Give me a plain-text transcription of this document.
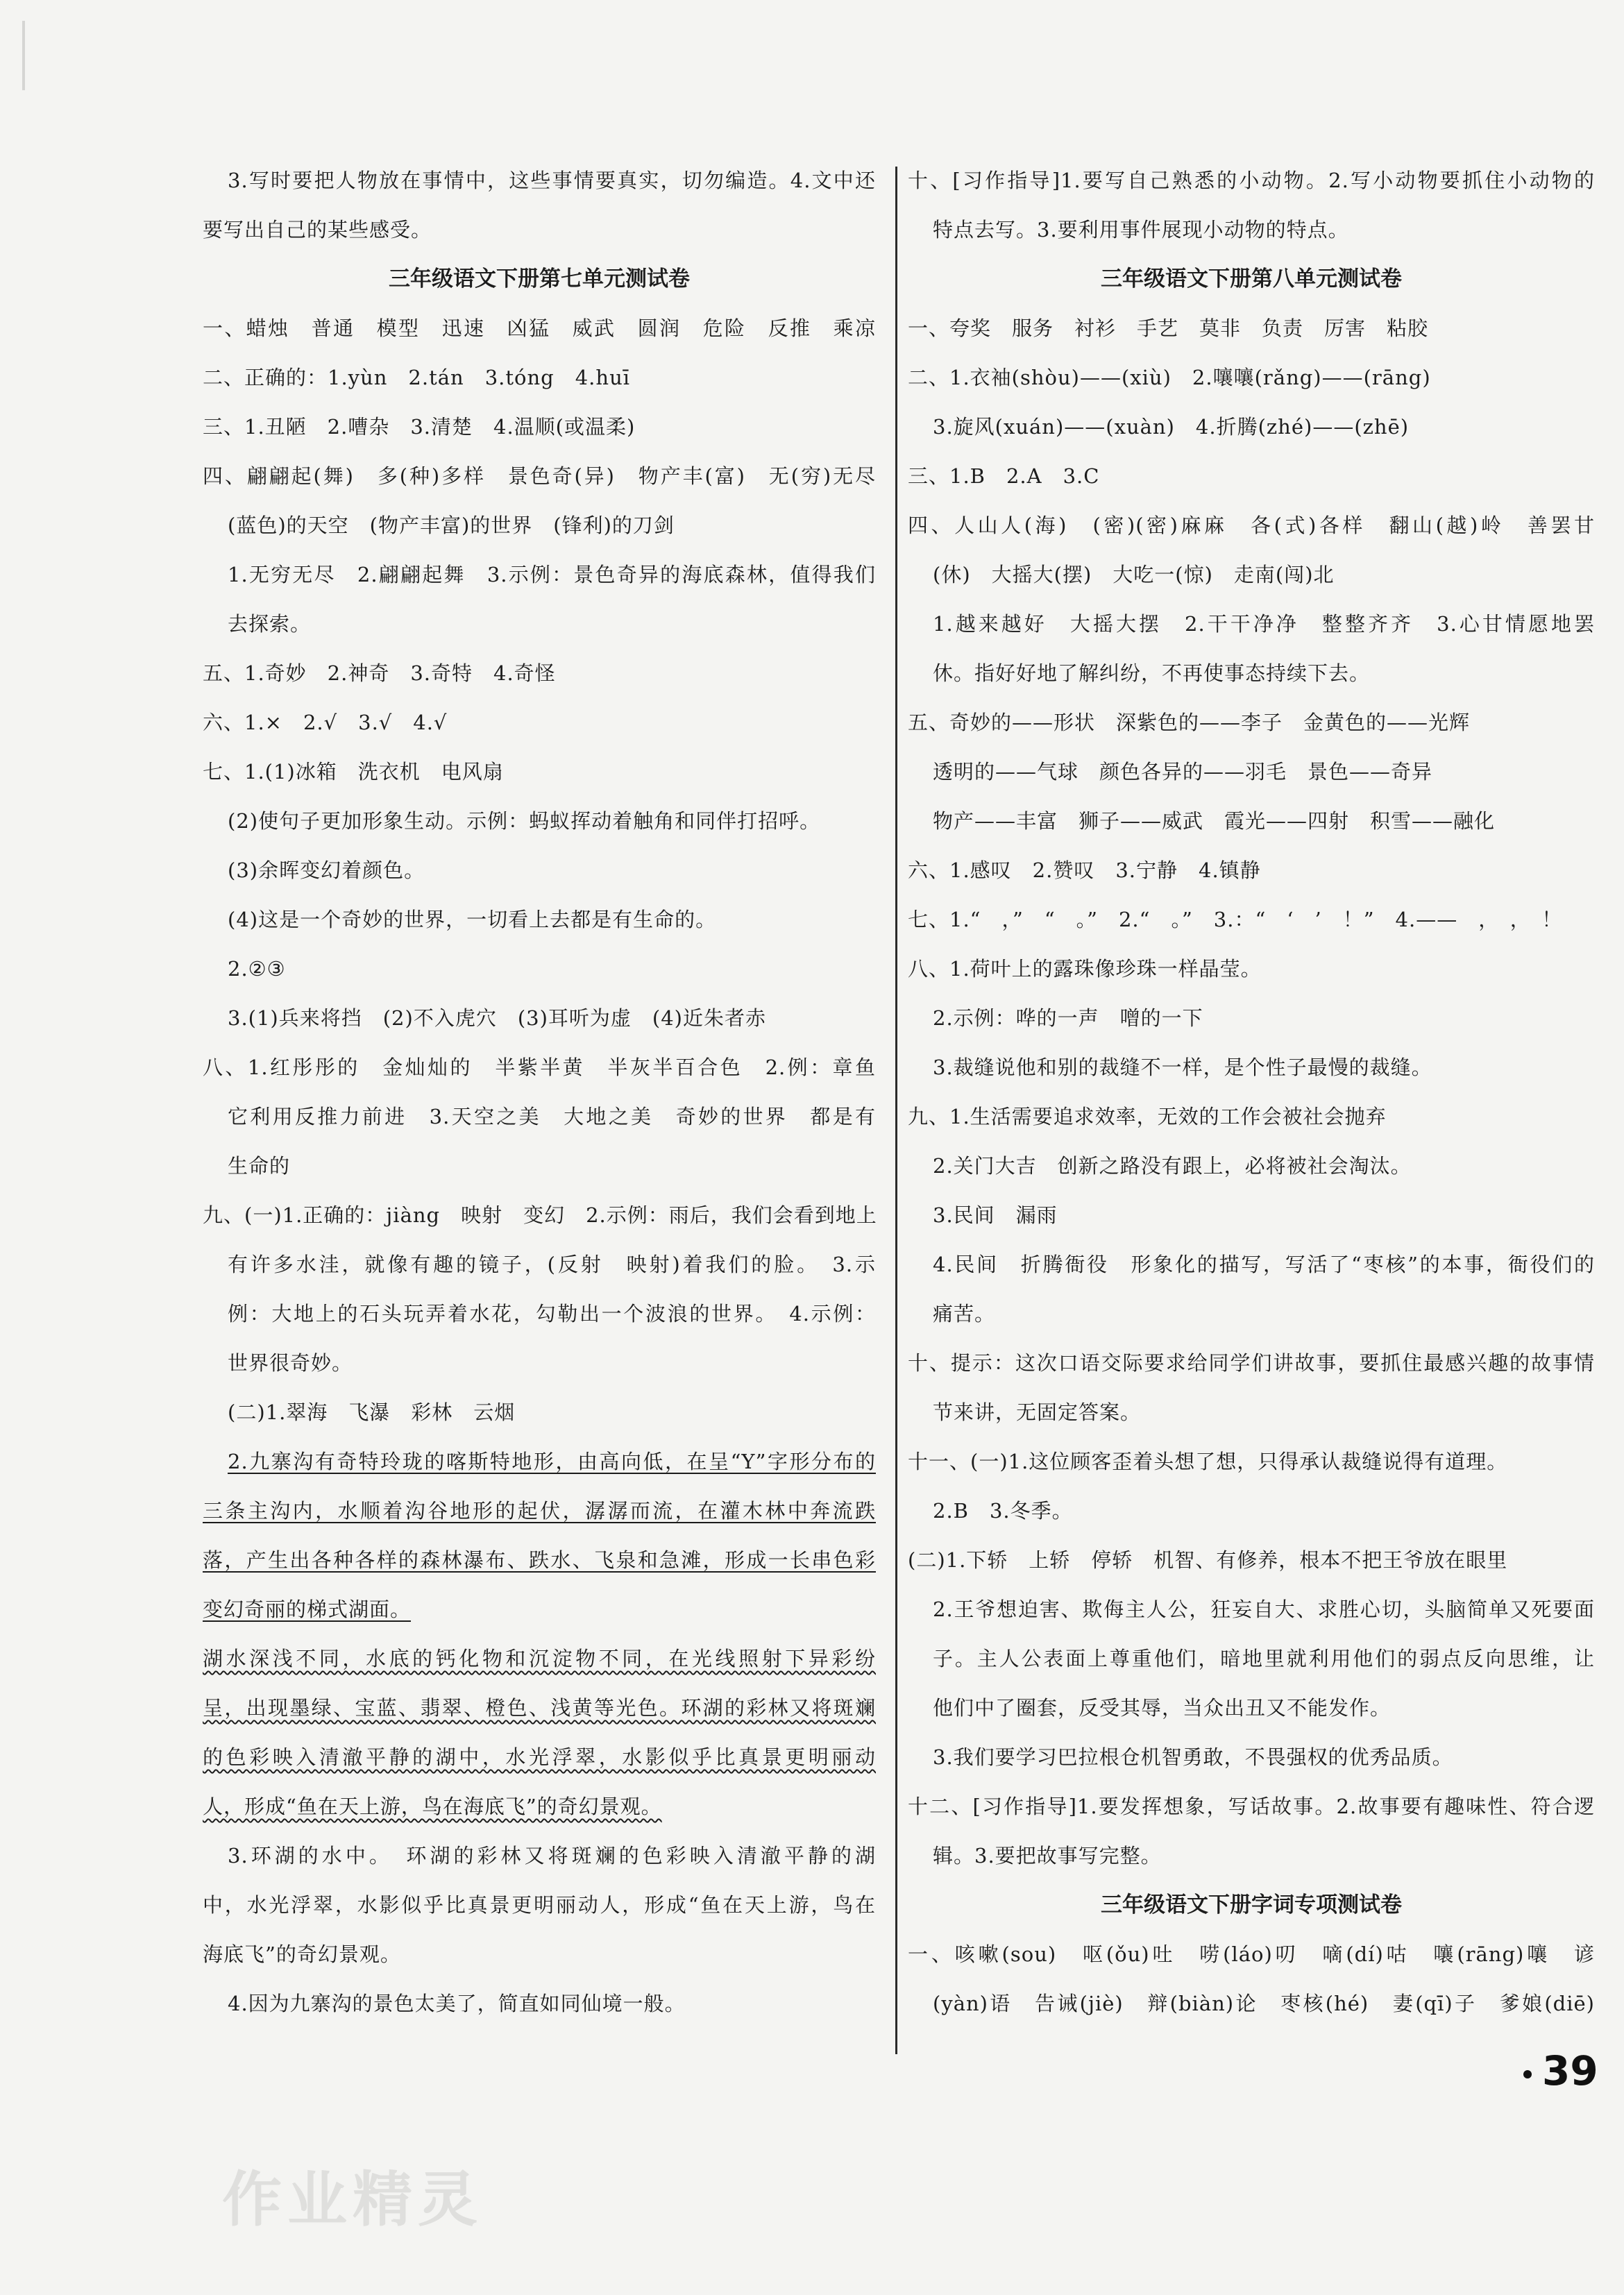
3.写时要把人物放在事情中，这些事情要真实，切勿编造。4.文中还
要写出自己的某些感受。
三年级语文下册第七单元测试卷
一、蜡烛　普通　模型　迅速　凶猛　威武　圆润　危险　反推　乘凉
二、正确的：1.yùn　2.tán　3.tóng　4.huī
三、1.丑陋　2.嘈杂　3.清楚　4.温顺(或温柔)
四、翩翩起(舞)　多(种)多样　景色奇(异)　物产丰(富)　无(穷)无尽
(蓝色)的天空　(物产丰富)的世界　(锋利)的刀剑
1.无穷无尽　2.翩翩起舞　3.示例：景色奇异的海底森林，值得我们
去探索。
五、1.奇妙　2.神奇　3.奇特　4.奇怪
六、1.×　2.√　3.√　4.√
七、1.(1)冰箱　洗衣机　电风扇
(2)使句子更加形象生动。示例：蚂蚁挥动着触角和同伴打招呼。
(3)余晖变幻着颜色。
(4)这是一个奇妙的世界，一切看上去都是有生命的。
2.②③
3.(1)兵来将挡　(2)不入虎穴　(3)耳听为虚　(4)近朱者赤
八、1.红彤彤的　金灿灿的　半紫半黄　半灰半百合色　2.例：章鱼
它利用反推力前进　3.天空之美　大地之美　奇妙的世界　都是有
生命的
九、(一)1.正确的：jiàng　映射　变幻　2.示例：雨后，我们会看到地上
有许多水洼，就像有趣的镜子，(反射　映射)着我们的脸。　3.示
例：大地上的石头玩弄着水花，勾勒出一个波浪的世界。　4.示例：
世界很奇妙。
(二)1.翠海　飞瀑　彩林　云烟
2.九寨沟有奇特玲珑的喀斯特地形，由高向低，在呈“Y”字形分布的
三条主沟内，水顺着沟谷地形的起伏，潺潺而流，在灌木林中奔流跌
落，产生出各种各样的森林瀑布、跌水、飞泉和急滩，形成一长串色彩
变幻奇丽的梯式湖面。
湖水深浅不同，水底的钙化物和沉淀物不同，在光线照射下异彩纷
呈，出现墨绿、宝蓝、翡翠、橙色、浅黄等光色。环湖的彩林又将斑斓
的色彩映入清澈平静的湖中，水光浮翠，水影似乎比真景更明丽动
人，形成“鱼在天上游，鸟在海底飞”的奇幻景观。
3.环湖的水中。　环湖的彩林又将斑斓的色彩映入清澈平静的湖
中，水光浮翠，水影似乎比真景更明丽动人，形成“鱼在天上游，鸟在
海底飞”的奇幻景观。
4.因为九寨沟的景色太美了，简直如同仙境一般。
十、[习作指导]1.要写自己熟悉的小动物。2.写小动物要抓住小动物的
特点去写。3.要利用事件展现小动物的特点。
三年级语文下册第八单元测试卷
一、夸奖　服务　衬衫　手艺　莫非　负责　厉害　粘胶
二、1.衣袖(shòu)——(xiù)　2.嚷嚷(rǎng)——(rāng)
3.旋风(xuán)——(xuàn)　4.折腾(zhé)——(zhē)
三、1.B　2.A　3.C
四、人山人(海)　(密)(密)麻麻　各(式)各样　翻山(越)岭　善罢甘
(休)　大摇大(摆)　大吃一(惊)　走南(闯)北
1.越来越好　大摇大摆　2.干干净净　整整齐齐　3.心甘情愿地罢
休。指好好地了解纠纷，不再使事态持续下去。
五、奇妙的——形状　深紫色的——李子　金黄色的——光辉
透明的——气球　颜色各异的——羽毛　景色——奇异
物产——丰富　狮子——威武　霞光——四射　积雪——融化
六、1.感叹　2.赞叹　3.宁静　4.镇静
七、1.“　，”　“　。”　2.“　。”　3.：“　‘　’　！”　4.——　，　，　！
八、1.荷叶上的露珠像珍珠一样晶莹。
2.示例：哗的一声　噌的一下
3.裁缝说他和别的裁缝不一样，是个性子最慢的裁缝。
九、1.生活需要追求效率，无效的工作会被社会抛弃
2.关门大吉　创新之路没有跟上，必将被社会淘汰。
3.民间　漏雨
4.民间　折腾衙役　形象化的描写，写活了“枣核”的本事，衙役们的
痛苦。
十、提示：这次口语交际要求给同学们讲故事，要抓住最感兴趣的故事情
节来讲，无固定答案。
十一、(一)1.这位顾客歪着头想了想，只得承认裁缝说得有道理。
2.B　3.冬季。
(二)1.下轿　上轿　停轿　机智、有修养，根本不把王爷放在眼里
2.王爷想迫害、欺侮主人公，狂妄自大、求胜心切，头脑简单又死要面
子。主人公表面上尊重他们，暗地里就利用他们的弱点反向思维，让
他们中了圈套，反受其辱，当众出丑又不能发作。
3.我们要学习巴拉根仓机智勇敢，不畏强权的优秀品质。
十二、[习作指导]1.要发挥想象，写话故事。2.故事要有趣味性、符合逻
辑。3.要把故事写完整。
三年级语文下册字词专项测试卷
一、咳嗽(sou)　呕(ǒu)吐　唠(láo)叨　嘀(dí)咕　嚷(rāng)嚷　谚
(yàn)语　告诫(jiè)　辩(biàn)论　枣核(hé)　妻(qī)子　爹娘(diē)
39
作业精灵
